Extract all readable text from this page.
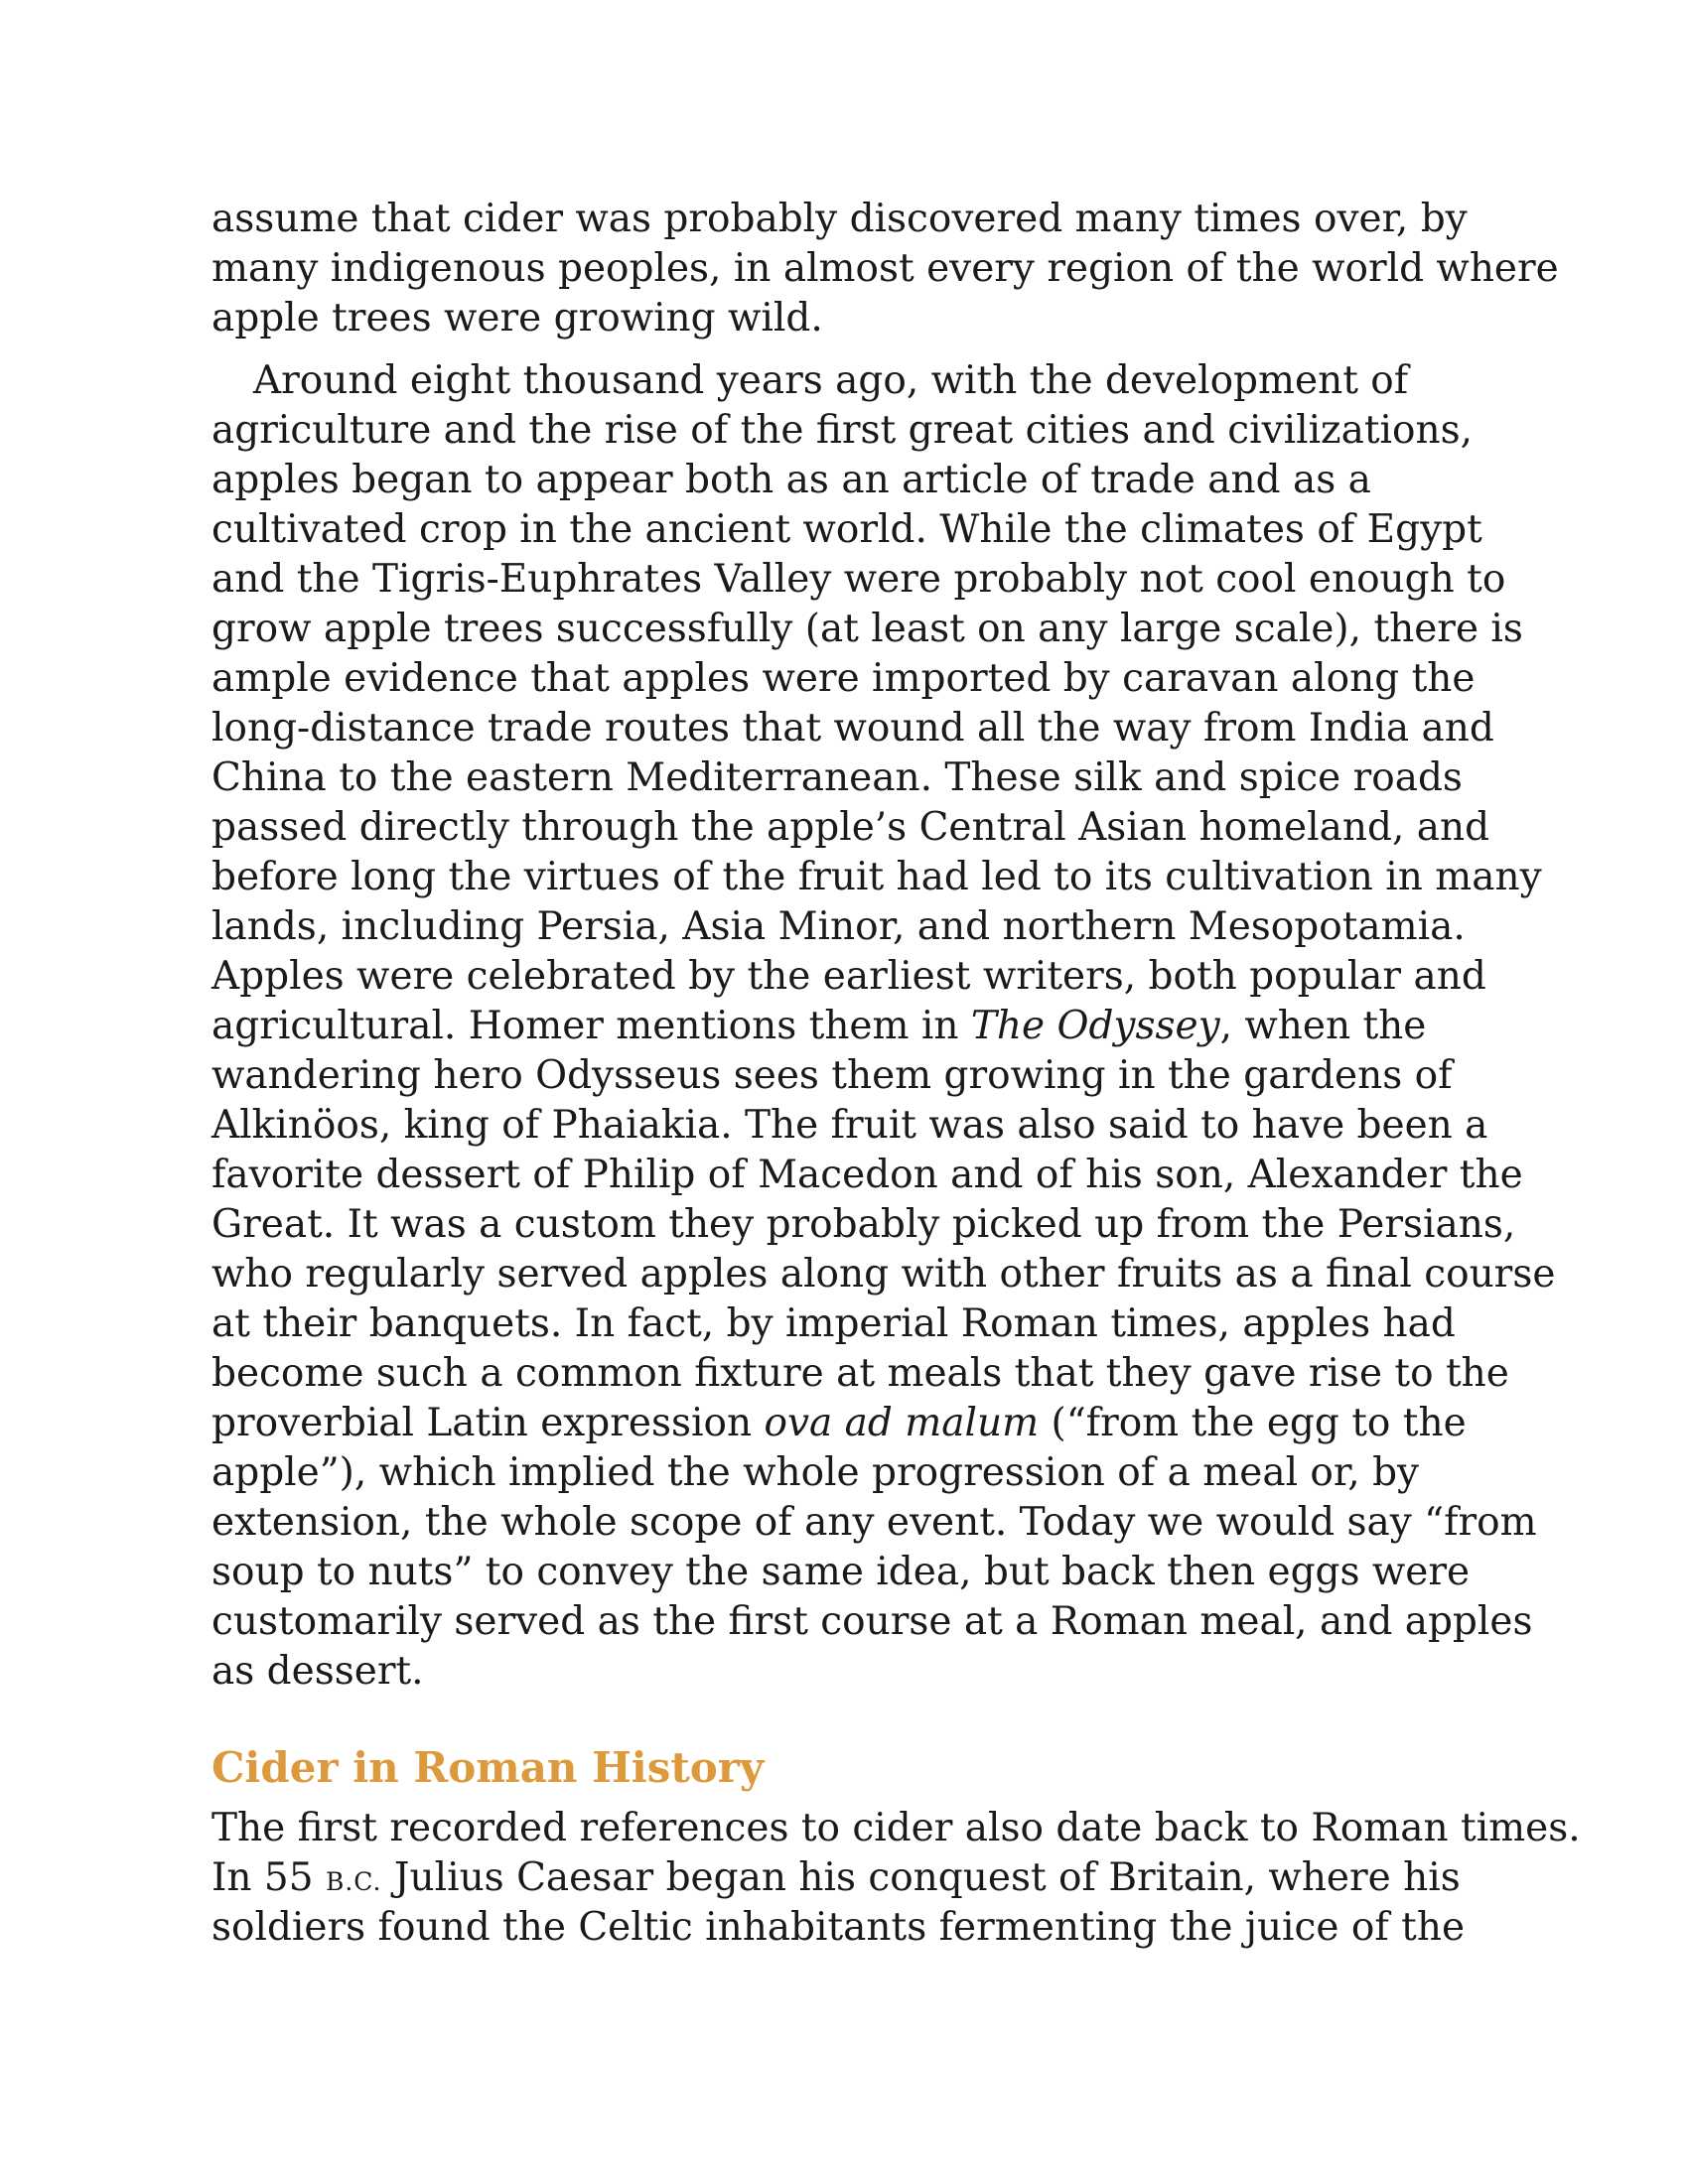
assume that cider was probably discovered many times over, by
many indigenous peoples, in almost every region of the world where
apple trees were growing wild.
Around eight thousand years ago, with the development of
agriculture and the rise of the first great cities and civilizations,
apples began to appear both as an article of trade and as a
cultivated crop in the ancient world. While the climates of Egypt
and the Tigris-Euphrates Valley were probably not cool enough to
grow apple trees successfully (at least on any large scale), there is
ample evidence that apples were imported by caravan along the
long-distance trade routes that wound all the way from India and
China to the eastern Mediterranean. These silk and spice roads
passed directly through the apple’s Central Asian homeland, and
before long the virtues of the fruit had led to its cultivation in many
lands, including Persia, Asia Minor, and northern Mesopotamia.
Apples were celebrated by the earliest writers, both popular and
agricultural. Homer mentions them in The Odyssey, when the
wandering hero Odysseus sees them growing in the gardens of
Alkinöos, king of Phaiakia. The fruit was also said to have been a
favorite dessert of Philip of Macedon and of his son, Alexander the
Great. It was a custom they probably picked up from the Persians,
who regularly served apples along with other fruits as a final course
at their banquets. In fact, by imperial Roman times, apples had
become such a common fixture at meals that they gave rise to the
proverbial Latin expression ova ad malum (“from the egg to the
apple”), which implied the whole progression of a meal or, by
extension, the whole scope of any event. Today we would say “from
soup to nuts” to convey the same idea, but back then eggs were
customarily served as the first course at a Roman meal, and apples
as dessert.
Cider in Roman History
The first recorded references to cider also date back to Roman times.
In 55 B.C. Julius Caesar began his conquest of Britain, where his
soldiers found the Celtic inhabitants fermenting the juice of the
